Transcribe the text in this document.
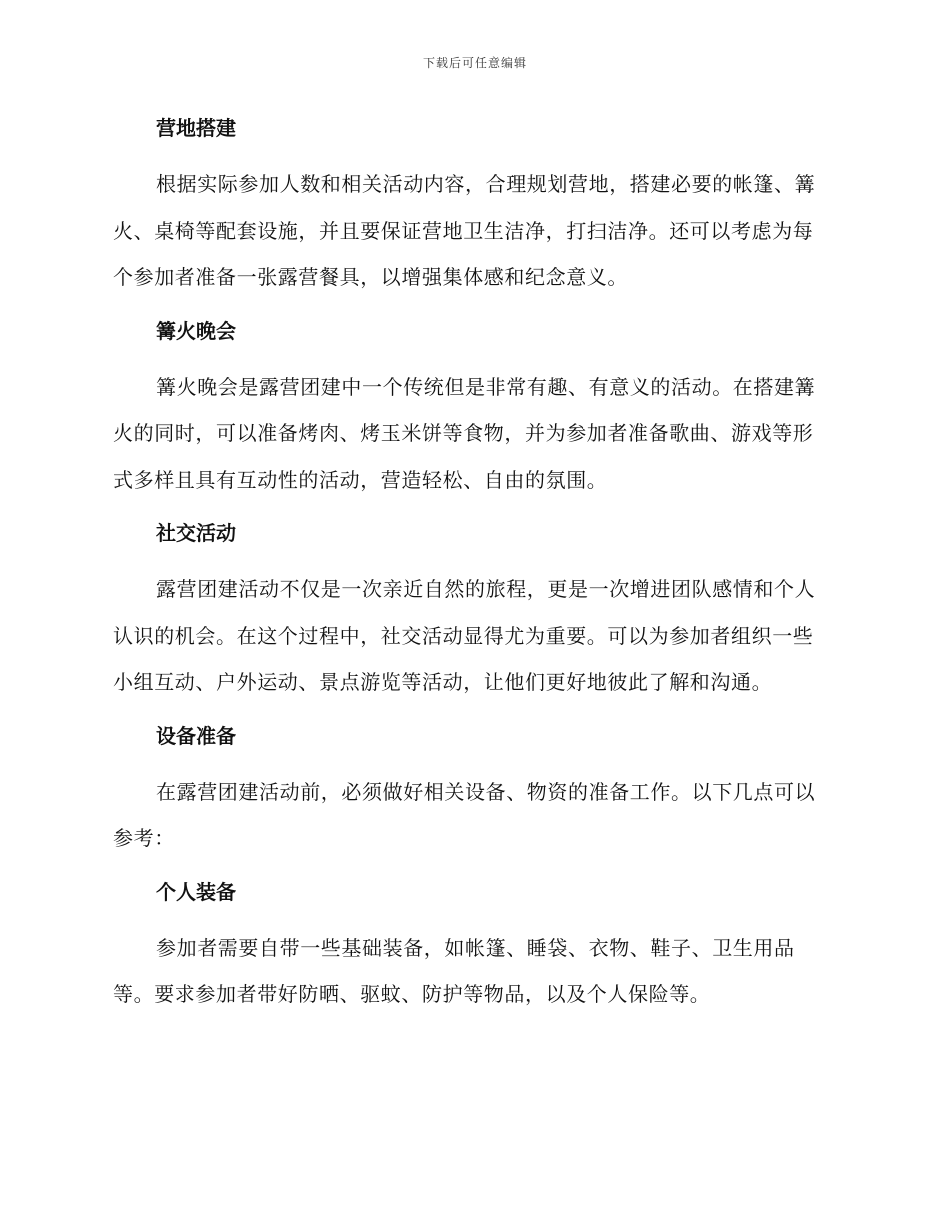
下载后可任意编辑
营地搭建

根据实际参加人数和相关活动内容，合理规划营地，搭建必要的帐篷、篝火、桌椅等配套设施，并且要保证营地卫生洁净，打扫洁净。还可以考虑为每个参加者准备一张露营餐具，以增强集体感和纪念意义。

篝火晚会

篝火晚会是露营团建中一个传统但是非常有趣、有意义的活动。在搭建篝火的同时，可以准备烤肉、烤玉米饼等食物，并为参加者准备歌曲、游戏等形式多样且具有互动性的活动，营造轻松、自由的氛围。

社交活动

露营团建活动不仅是一次亲近自然的旅程，更是一次增进团队感情和个人认识的机会。在这个过程中，社交活动显得尤为重要。可以为参加者组织一些小组互动、户外运动、景点游览等活动，让他们更好地彼此了解和沟通。

设备准备

在露营团建活动前，必须做好相关设备、物资的准备工作。以下几点可以参考：

个人装备

参加者需要自带一些基础装备，如帐篷、睡袋、衣物、鞋子、卫生用品等。要求参加者带好防晒、驱蚊、防护等物品，以及个人保险等。
